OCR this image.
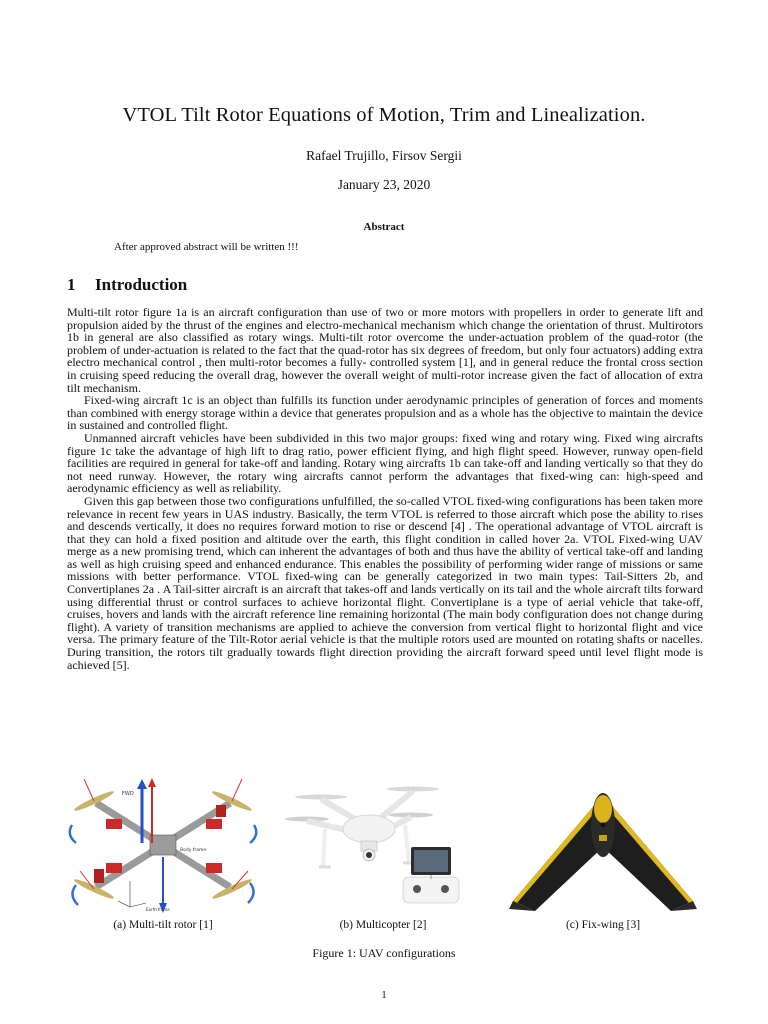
VTOL Tilt Rotor Equations of Motion, Trim and Linealization.
Rafael Trujillo, Firsov Sergii
January 23, 2020
Abstract
After approved abstract will be written !!!
1 Introduction

Multi-tilt rotor figure 1a is an aircraft configuration than use of two or more motors with propellers in order to generate lift and propulsion aided by the thrust of the engines and electro-mechanical mechanism which change the orientation of thrust. Multirotors 1b in general are also classified as rotary wings. Multi-tilt rotor overcome the under-actuation problem of the quad-rotor (the problem of under-actuation is related to the fact that the quad-rotor has six degrees of freedom, but only four actuators) adding extra electro mechanical control , then multi-rotor becomes a fully- controlled system [1], and in general reduce the frontal cross section in cruising speed reducing the overall drag, however the overall weight of multi-rotor increase given the fact of allocation of extra tilt mechanism.

Fixed-wing aircraft 1c is an object than fulfills its function under aerodynamic principles of generation of forces and moments than combined with energy storage within a device that generates propulsion and as a whole has the objective to maintain the device in sustained and controlled flight.

Unmanned aircraft vehicles have been subdivided in this two major groups: fixed wing and rotary wing. Fixed wing aircrafts figure 1c take the advantage of high lift to drag ratio, power efficient flying, and high flight speed. However, runway open-field facilities are required in general for take-off and landing. Rotary wing aircrafts 1b can take-off and landing vertically so that they do not need runway. However, the rotary wing aircrafts cannot perform the advantages that fixed-wing can: high-speed and aerodynamic efficiency as well as reliability.

Given this gap between those two configurations unfulfilled, the so-called VTOL fixed-wing configurations has been taken more relevance in recent few years in UAS industry. Basically, the term VTOL is referred to those aircraft which pose the ability to rises and descends vertically, it does no requires forward motion to rise or descend [4] . The operational advantage of VTOL aircraft is that they can hold a fixed position and altitude over the earth, this flight condition in called hover 2a. VTOL Fixed-wing UAV merge as a new promising trend, which can inherent the advantages of both and thus have the ability of vertical take-off and landing as well as high cruising speed and enhanced endurance. This enables the possibility of performing wider range of missions or same missions with better performance. VTOL fixed-wing can be generally categorized in two main types: Tail-Sitters 2b, and Convertiplanes 2a . A Tail-sitter aircraft is an aircraft that takes-off and lands vertically on its tail and the whole aircraft tilts forward using differential thrust or control surfaces to achieve horizontal flight. Convertiplane is a type of aerial vehicle that take-off, cruises, hovers and lands with the aircraft reference line remaining horizontal (The main body configuration does not change during flight). A variety of transition mechanisms are applied to achieve the conversion from vertical flight to horizontal flight and vice versa. The primary feature of the Tilt-Rotor aerial vehicle is that the multiple rotors used are mounted on rotating shafts or nacelles. During transition, the rotors tilt gradually towards flight direction providing the aircraft forward speed until level flight mode is achieved [5].

FWD
Body frame
Earth frame
(a) Multi-tilt rotor [1]	(b) Multicopter [2]	(c) Fix-wing [3]
Figure 1: UAV configurations
1
